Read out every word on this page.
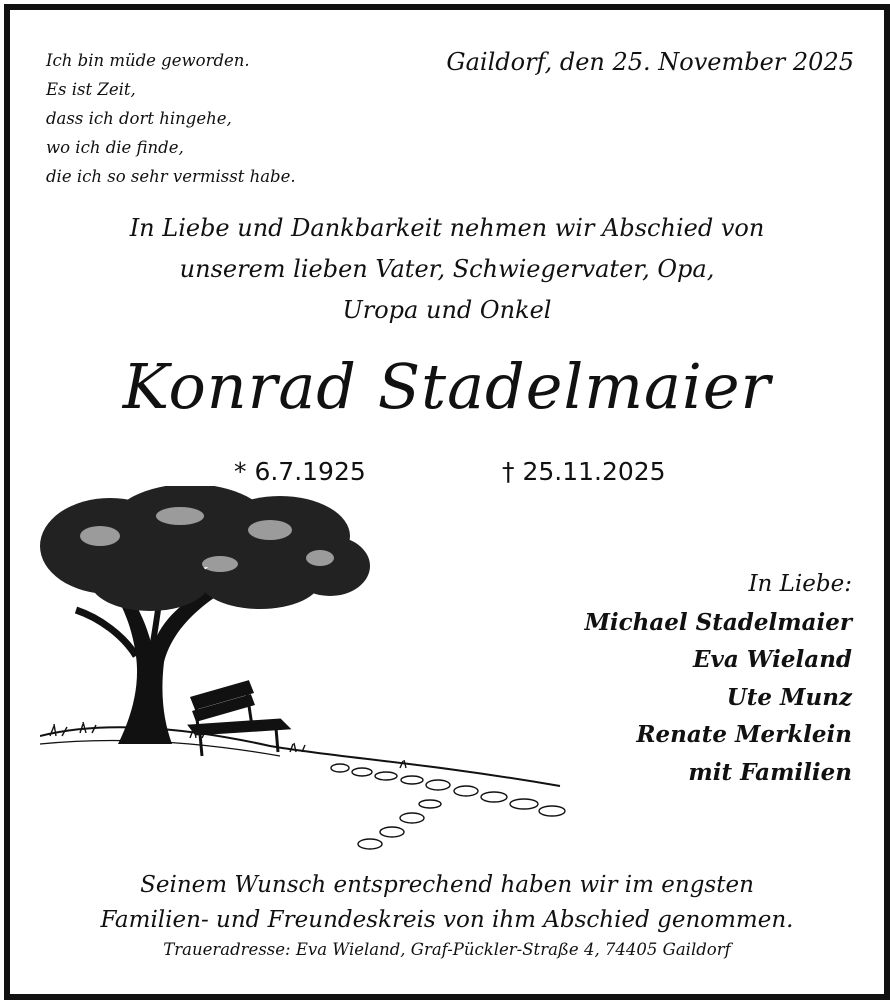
Ich bin müde geworden.
Es ist Zeit,
dass ich dort hingehe,
wo ich die finde,
die ich so sehr vermisst habe.
Gaildorf, den 25. November 2025
In Liebe und Dankbarkeit nehmen wir Abschied von
unserem lieben Vater, Schwiegervater, Opa,
Uropa und Onkel
Konrad Stadelmaier
* 6.7.1925	† 25.11.2025
In Liebe:
Michael Stadelmaier
Eva Wieland
Ute Munz
Renate Merklein
mit Familien
Seinem Wunsch entsprechend haben wir im engsten
Familien- und Freundeskreis von ihm Abschied genommen.
Traueradresse: Eva Wieland, Graf-Pückler-Straße 4, 74405 Gaildorf
